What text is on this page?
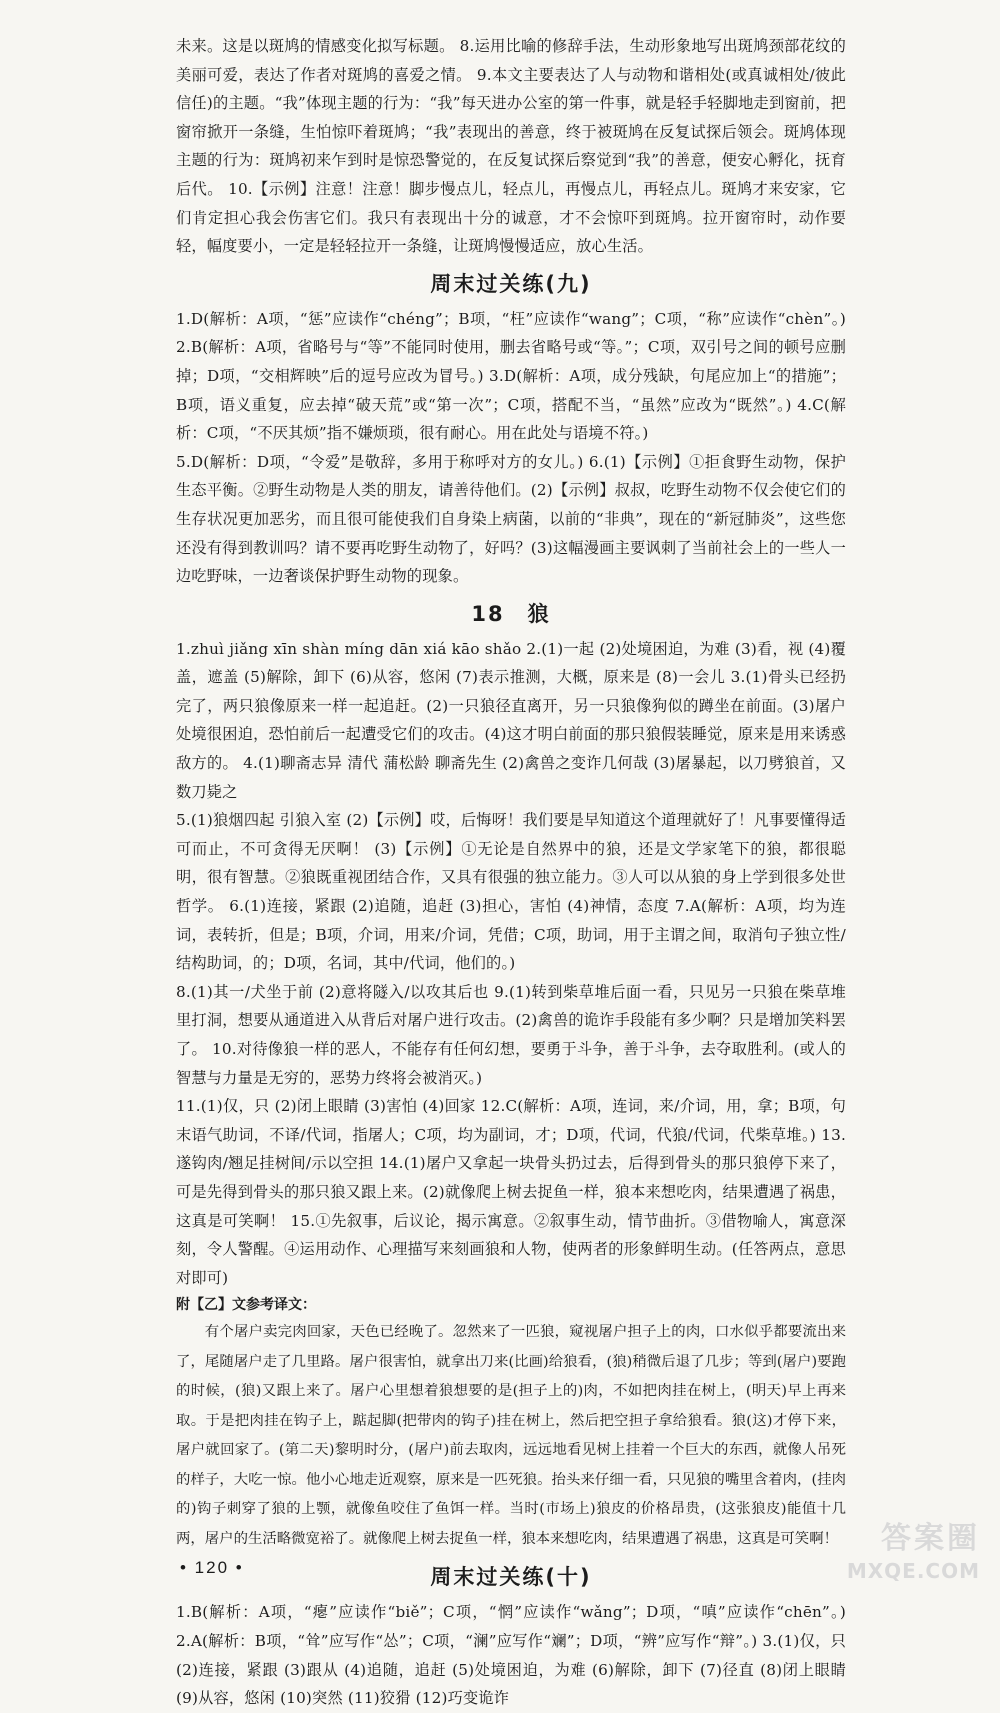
未来。这是以斑鸠的情感变化拟写标题。 8.运用比喻的修辞手法，生动形象地写出斑鸠颈部花纹的美丽可爱，表达了作者对斑鸠的喜爱之情。 9.本文主要表达了人与动物和谐相处(或真诚相处/彼此信任)的主题。“我”体现主题的行为：“我”每天进办公室的第一件事，就是轻手轻脚地走到窗前，把窗帘掀开一条缝，生怕惊吓着斑鸠；“我”表现出的善意，终于被斑鸠在反复试探后领会。斑鸠体现主题的行为：斑鸠初来乍到时是惊恐警觉的，在反复试探后察觉到“我”的善意，便安心孵化，抚育后代。 10.【示例】注意！注意！脚步慢点儿，轻点儿，再慢点儿，再轻点儿。斑鸠才来安家，它们肯定担心我会伤害它们。我只有表现出十分的诚意，才不会惊吓到斑鸠。拉开窗帘时，动作要轻，幅度要小，一定是轻轻拉开一条缝，让斑鸠慢慢适应，放心生活。

周末过关练(九)

1.D(解析：A项，“惩”应读作“chéng”；B项，“枉”应读作“wang”；C项，“称”应读作“chèn”。) 2.B(解析：A项，省略号与“等”不能同时使用，删去省略号或“等。”；C项，双引号之间的顿号应删掉；D项，“交相辉映”后的逗号应改为冒号。) 3.D(解析：A项，成分残缺，句尾应加上“的措施”；B项，语义重复，应去掉“破天荒”或“第一次”；C项，搭配不当，“虽然”应改为“既然”。) 4.C(解析：C项，“不厌其烦”指不嫌烦琐，很有耐心。用在此处与语境不符。)

5.D(解析：D项，“令爱”是敬辞，多用于称呼对方的女儿。) 6.(1)【示例】①拒食野生动物，保护生态平衡。②野生动物是人类的朋友，请善待他们。(2)【示例】叔叔，吃野生动物不仅会使它们的生存状况更加恶劣，而且很可能使我们自身染上病菌，以前的“非典”，现在的“新冠肺炎”，这些您还没有得到教训吗？请不要再吃野生动物了，好吗？(3)这幅漫画主要讽刺了当前社会上的一些人一边吃野味，一边奢谈保护野生动物的现象。

18　狼

1.zhuì jiǎng xīn shàn míng dān xiá kāo shǎo 2.(1)一起 (2)处境困迫，为难 (3)看，视 (4)覆盖，遮盖 (5)解除，卸下 (6)从容，悠闲 (7)表示推测，大概，原来是 (8)一会儿 3.(1)骨头已经扔完了，两只狼像原来一样一起追赶。(2)一只狼径直离开，另一只狼像狗似的蹲坐在前面。(3)屠户处境很困迫，恐怕前后一起遭受它们的攻击。(4)这才明白前面的那只狼假装睡觉，原来是用来诱惑敌方的。 4.(1)聊斋志异 清代 蒲松龄 聊斋先生 (2)禽兽之变诈几何哉 (3)屠暴起，以刀劈狼首，又数刀毙之

5.(1)狼烟四起 引狼入室 (2)【示例】哎，后悔呀！我们要是早知道这个道理就好了！凡事要懂得适可而止，不可贪得无厌啊！ (3)【示例】①无论是自然界中的狼，还是文学家笔下的狼，都很聪明，很有智慧。②狼既重视团结合作，又具有很强的独立能力。③人可以从狼的身上学到很多处世哲学。 6.(1)连接，紧跟 (2)追随，追赶 (3)担心，害怕 (4)神情，态度 7.A(解析：A项，均为连词，表转折，但是；B项，介词，用来/介词，凭借；C项，助词，用于主谓之间，取消句子独立性/结构助词，的；D项，名词，其中/代词，他们的。)

8.(1)其一/犬坐于前 (2)意将隧入/以攻其后也 9.(1)转到柴草堆后面一看，只见另一只狼在柴草堆里打洞，想要从通道进入从背后对屠户进行攻击。(2)禽兽的诡诈手段能有多少啊？只是增加笑料罢了。 10.对待像狼一样的恶人，不能存有任何幻想，要勇于斗争，善于斗争，去夺取胜利。(或人的智慧与力量是无穷的，恶势力终将会被消灭。)

11.(1)仅，只 (2)闭上眼睛 (3)害怕 (4)回家 12.C(解析：A项，连词，来/介词，用，拿；B项，句末语气助词，不译/代词，指屠人；C项，均为副词，才；D项，代词，代狼/代词，代柴草堆。) 13.遂钩肉/翘足挂树间/示以空担 14.(1)屠户又拿起一块骨头扔过去，后得到骨头的那只狼停下来了，可是先得到骨头的那只狼又跟上来。(2)就像爬上树去捉鱼一样，狼本来想吃肉，结果遭遇了祸患，这真是可笑啊！ 15.①先叙事，后议论，揭示寓意。②叙事生动，情节曲折。③借物喻人，寓意深刻，令人警醒。④运用动作、心理描写来刻画狼和人物，使两者的形象鲜明生动。(任答两点，意思对即可)

附【乙】文参考译文：

有个屠户卖完肉回家，天色已经晚了。忽然来了一匹狼，窥视屠户担子上的肉，口水似乎都要流出来了，尾随屠户走了几里路。屠户很害怕，就拿出刀来(比画)给狼看，(狼)稍微后退了几步；等到(屠户)要跑的时候，(狼)又跟上来了。屠户心里想着狼想要的是(担子上的)肉，不如把肉挂在树上，(明天)早上再来取。于是把肉挂在钩子上，踮起脚(把带肉的钩子)挂在树上，然后把空担子拿给狼看。狼(这)才停下来，屠户就回家了。(第二天)黎明时分，(屠户)前去取肉，远远地看见树上挂着一个巨大的东西，就像人吊死的样子，大吃一惊。他小心地走近观察，原来是一匹死狼。抬头来仔细一看，只见狼的嘴里含着肉，(挂肉的)钩子刺穿了狼的上颚，就像鱼咬住了鱼饵一样。当时(市场上)狼皮的价格昂贵，(这张狼皮)能值十几两，屠户的生活略微宽裕了。就像爬上树去捉鱼一样，狼本来想吃肉，结果遭遇了祸患，这真是可笑啊！

周末过关练(十)

1.B(解析：A项，“瘪”应读作“biě”；C项，“惘”应读作“wǎng”；D项，“嗔”应读作“chēn”。) 2.A(解析：B项，“耸”应写作“怂”；C项，“澜”应写作“斓”；D项，“辨”应写作“辩”。) 3.(1)仅，只 (2)连接，紧跟 (3)跟从 (4)追随，追赶 (5)处境困迫，为难 (6)解除，卸下 (7)径直 (8)闭上眼睛 (9)从容，悠闲 (10)突然 (11)狡猾 (12)巧变诡诈

• 120 •
答案圈
MXQE.COM
